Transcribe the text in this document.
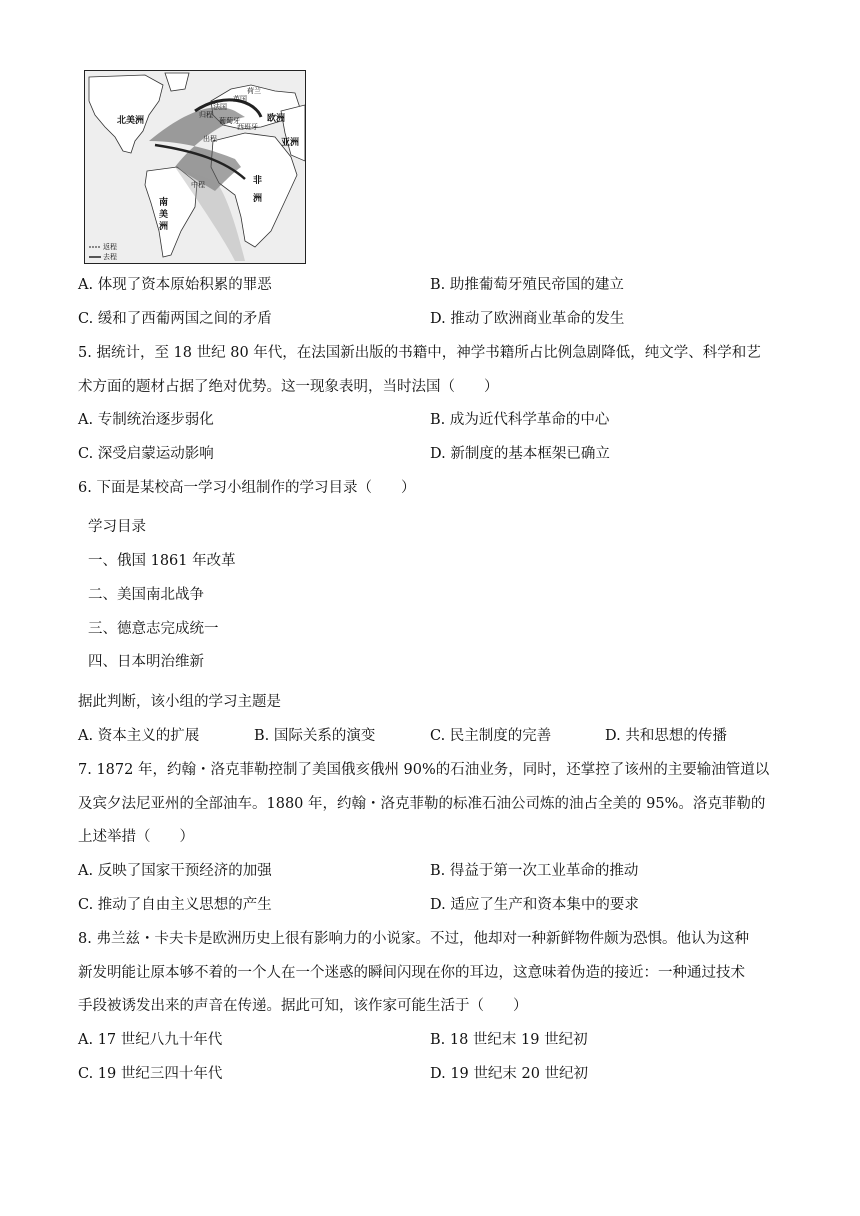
北美洲	欧洲
亚洲
非
洲
南
美
洲
归程
英国
荷兰
法国
葡萄牙
西班牙
出程
中程
返程
去程
A. 体现了资本原始积累的罪恶	B. 助推葡萄牙殖民帝国的建立
C. 缓和了西葡两国之间的矛盾	D. 推动了欧洲商业革命的发生
5. 据统计，至 18 世纪 80 年代，在法国新出版的书籍中，神学书籍所占比例急剧降低，纯文学、科学和艺
术方面的题材占据了绝对优势。这一现象表明，当时法国（　　）
A. 专制统治逐步弱化	B. 成为近代科学革命的中心
C. 深受启蒙运动影响	D. 新制度的基本框架已确立
6. 下面是某校高一学习小组制作的学习目录（　　）
学习目录
一、俄国 1861 年改革
二、美国南北战争
三、德意志完成统一
四、日本明治维新
据此判断，该小组的学习主题是
A. 资本主义的扩展	B. 国际关系的演变	C. 民主制度的完善	D. 共和思想的传播
7. 1872 年，约翰・洛克菲勒控制了美国俄亥俄州 90%的石油业务，同时，还掌控了该州的主要输油管道以
及宾夕法尼亚州的全部油车。1880 年，约翰・洛克菲勒的标准石油公司炼的油占全美的 95%。洛克菲勒的
上述举措（　　）
A. 反映了国家干预经济的加强	B. 得益于第一次工业革命的推动
C. 推动了自由主义思想的产生	D. 适应了生产和资本集中的要求
8. 弗兰兹・卡夫卡是欧洲历史上很有影响力的小说家。不过，他却对一种新鲜物件颇为恐惧。他认为这种
新发明能让原本够不着的一个人在一个迷惑的瞬间闪现在你的耳边，这意味着伪造的接近：一种通过技术
手段被诱发出来的声音在传递。据此可知，该作家可能生活于（　　）
A. 17 世纪八九十年代	B. 18 世纪末 19 世纪初
C. 19 世纪三四十年代	D. 19 世纪末 20 世纪初
